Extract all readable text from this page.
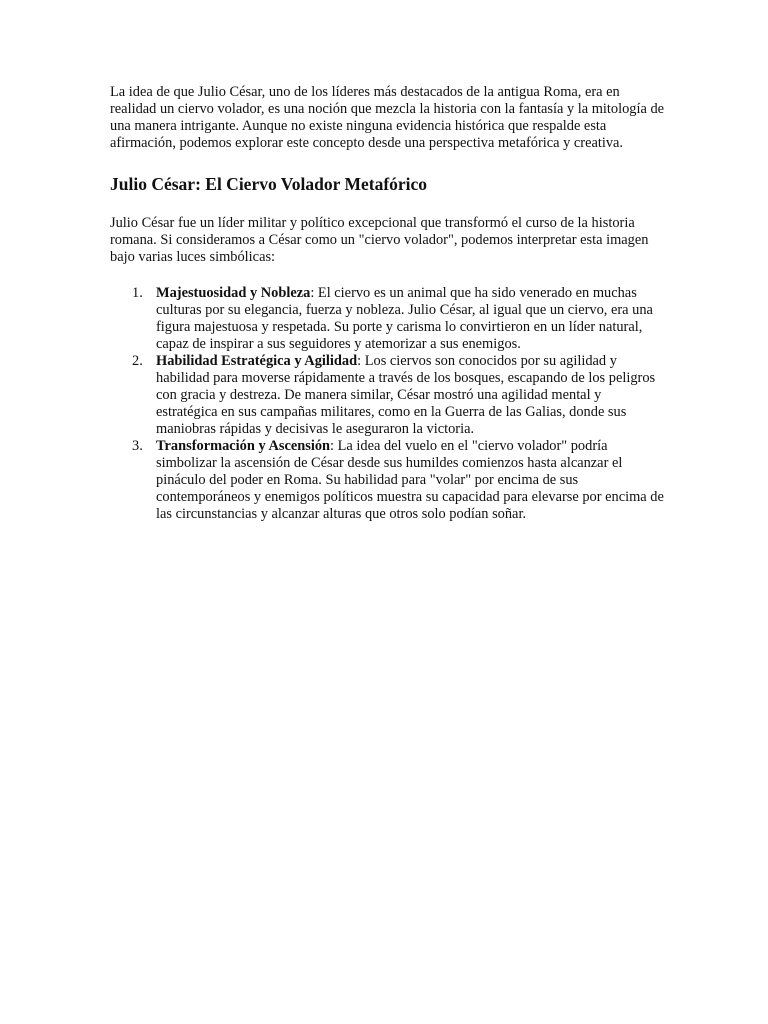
La idea de que Julio César, uno de los líderes más destacados de la antigua Roma, era en realidad un ciervo volador, es una noción que mezcla la historia con la fantasía y la mitología de una manera intrigante. Aunque no existe ninguna evidencia histórica que respalde esta afirmación, podemos explorar este concepto desde una perspectiva metafórica y creativa.

Julio César: El Ciervo Volador Metafórico

Julio César fue un líder militar y político excepcional que transformó el curso de la historia romana. Si consideramos a César como un "ciervo volador", podemos interpretar esta imagen bajo varias luces simbólicas:

1. Majestuosidad y Nobleza: El ciervo es un animal que ha sido venerado en muchas culturas por su elegancia, fuerza y nobleza. Julio César, al igual que un ciervo, era una figura majestuosa y respetada. Su porte y carisma lo convirtieron en un líder natural, capaz de inspirar a sus seguidores y atemorizar a sus enemigos.
2. Habilidad Estratégica y Agilidad: Los ciervos son conocidos por su agilidad y habilidad para moverse rápidamente a través de los bosques, escapando de los peligros con gracia y destreza. De manera similar, César mostró una agilidad mental y estratégica en sus campañas militares, como en la Guerra de las Galias, donde sus maniobras rápidas y decisivas le aseguraron la victoria.
3. Transformación y Ascensión: La idea del vuelo en el "ciervo volador" podría simbolizar la ascensión de César desde sus humildes comienzos hasta alcanzar el pináculo del poder en Roma. Su habilidad para "volar" por encima de sus contemporáneos y enemigos políticos muestra su capacidad para elevarse por encima de las circunstancias y alcanzar alturas que otros solo podían soñar.
